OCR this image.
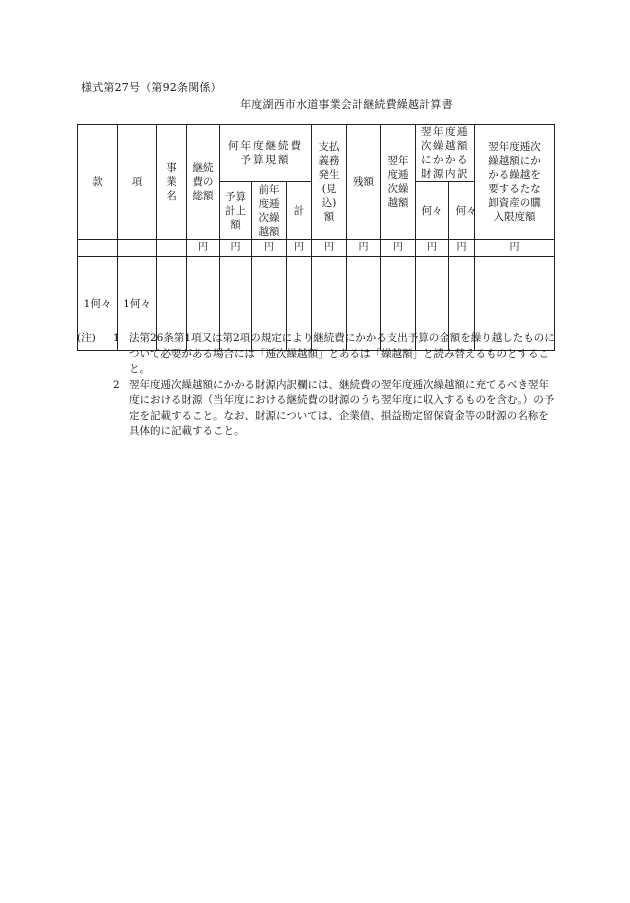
様式第27号（第92条関係）
年度湖西市水道事業会計継続費繰越計算書
款	項	事業名	継続費の総額	何年度継続費予算現額			支払義務発生(見込)額	残額	翌年度逓次繰越額	翌年度逓次繰越額にかかる財源内訳		翌年度逓次繰越額にかかる繰越を要するたな卸資産の購入限度額
				予算計上額	前年度逓次繰越額	計				何々	何々	
			円	円	円	円	円	円	円	円	円	円
1何々	1何々											
(注) 1 法第26条第1項又は第2項の規定により継続費にかかる支出予算の金額を繰り越したものについて必要がある場合には「逓次繰越額」とあるは「繰越額」と読み替えるものとすること。
2 翌年度逓次繰越額にかかる財源内訳欄には、継続費の翌年度逓次繰越額に充てるべき翌年度における財源（当年度における継続費の財源のうち翌年度に収入するものを含む。）の予定を記載すること。なお、財源については、企業債、損益勘定留保資金等の財源の名称を具体的に記載すること。
